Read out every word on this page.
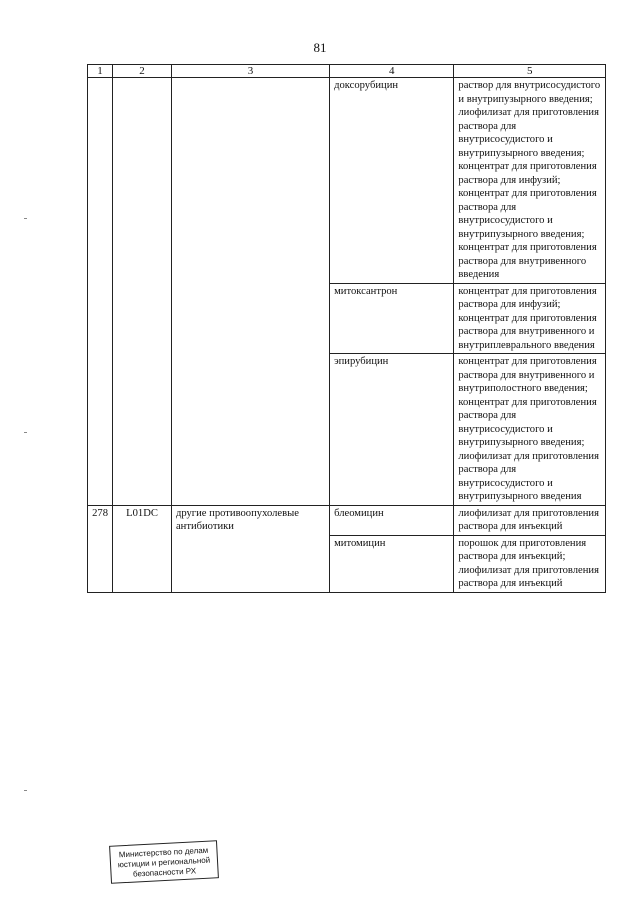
81
1	2	3	4	5
			доксорубицин	раствор для внутрисосудистого и внутрипузырного введения; лиофилизат для приготовления раствора для внутрисосудистого и внутрипузырного введения; концентрат для приготовления раствора для инфузий; концентрат для приготовления раствора для внутрисосудистого и внутрипузырного введения; концентрат для приготовления раствора для внутривенного введения
			митоксантрон	концентрат для приготовления раствора для инфузий; концентрат для приготовления раствора для внутривенного и внутриплеврального введения
			эпирубицин	концентрат для приготовления раствора для внутривенного и внутриполостного введения; концентрат для приготовления раствора для внутрисосудистого и внутрипузырного введения; лиофилизат для приготовления раствора для внутрисосудистого и внутрипузырного введения
278	L01DC	другие противоопухолевые антибиотики	блеомицин	лиофилизат для приготовления раствора для инъекций
			митомицин	порошок для приготовления раствора для инъекций; лиофилизат для приготовления раствора для инъекций
Министерство по делам
юстиции и региональной
безопасности РХ
